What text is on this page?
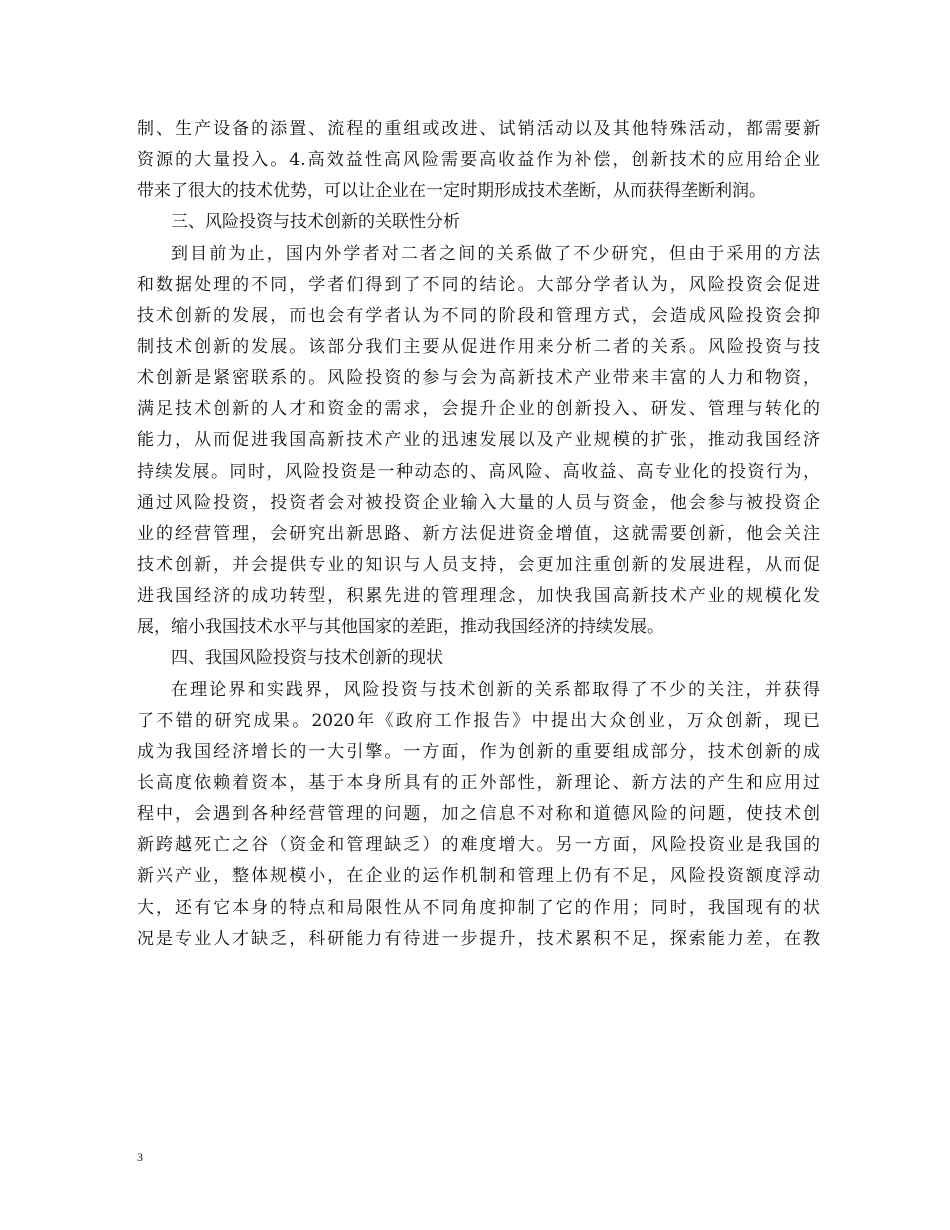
制、生产设备的添置、流程的重组或改进、试销活动以及其他特殊活动，都需要新
资源的大量投入。4.高效益性高风险需要高收益作为补偿，创新技术的应用给企业
带来了很大的技术优势，可以让企业在一定时期形成技术垄断，从而获得垄断利润。
三、风险投资与技术创新的关联性分析
到目前为止，国内外学者对二者之间的关系做了不少研究，但由于采用的方法
和数据处理的不同，学者们得到了不同的结论。大部分学者认为，风险投资会促进
技术创新的发展，而也会有学者认为不同的阶段和管理方式，会造成风险投资会抑
制技术创新的发展。该部分我们主要从促进作用来分析二者的关系。风险投资与技
术创新是紧密联系的。风险投资的参与会为高新技术产业带来丰富的人力和物资，
满足技术创新的人才和资金的需求，会提升企业的创新投入、研发、管理与转化的
能力，从而促进我国高新技术产业的迅速发展以及产业规模的扩张，推动我国经济
持续发展。同时，风险投资是一种动态的、高风险、高收益、高专业化的投资行为，
通过风险投资，投资者会对被投资企业输入大量的人员与资金，他会参与被投资企
业的经营管理，会研究出新思路、新方法促进资金增值，这就需要创新，他会关注
技术创新，并会提供专业的知识与人员支持，会更加注重创新的发展进程，从而促
进我国经济的成功转型，积累先进的管理理念，加快我国高新技术产业的规模化发
展，缩小我国技术水平与其他国家的差距，推动我国经济的持续发展。
四、我国风险投资与技术创新的现状
在理论界和实践界，风险投资与技术创新的关系都取得了不少的关注，并获得
了不错的研究成果。2020年《政府工作报告》中提出大众创业，万众创新，现已
成为我国经济增长的一大引擎。一方面，作为创新的重要组成部分，技术创新的成
长高度依赖着资本，基于本身所具有的正外部性，新理论、新方法的产生和应用过
程中，会遇到各种经营管理的问题，加之信息不对称和道德风险的问题，使技术创
新跨越死亡之谷（资金和管理缺乏）的难度增大。另一方面，风险投资业是我国的
新兴产业，整体规模小，在企业的运作机制和管理上仍有不足，风险投资额度浮动
大，还有它本身的特点和局限性从不同角度抑制了它的作用；同时，我国现有的状
况是专业人才缺乏，科研能力有待进一步提升，技术累积不足，探索能力差，在教
3
